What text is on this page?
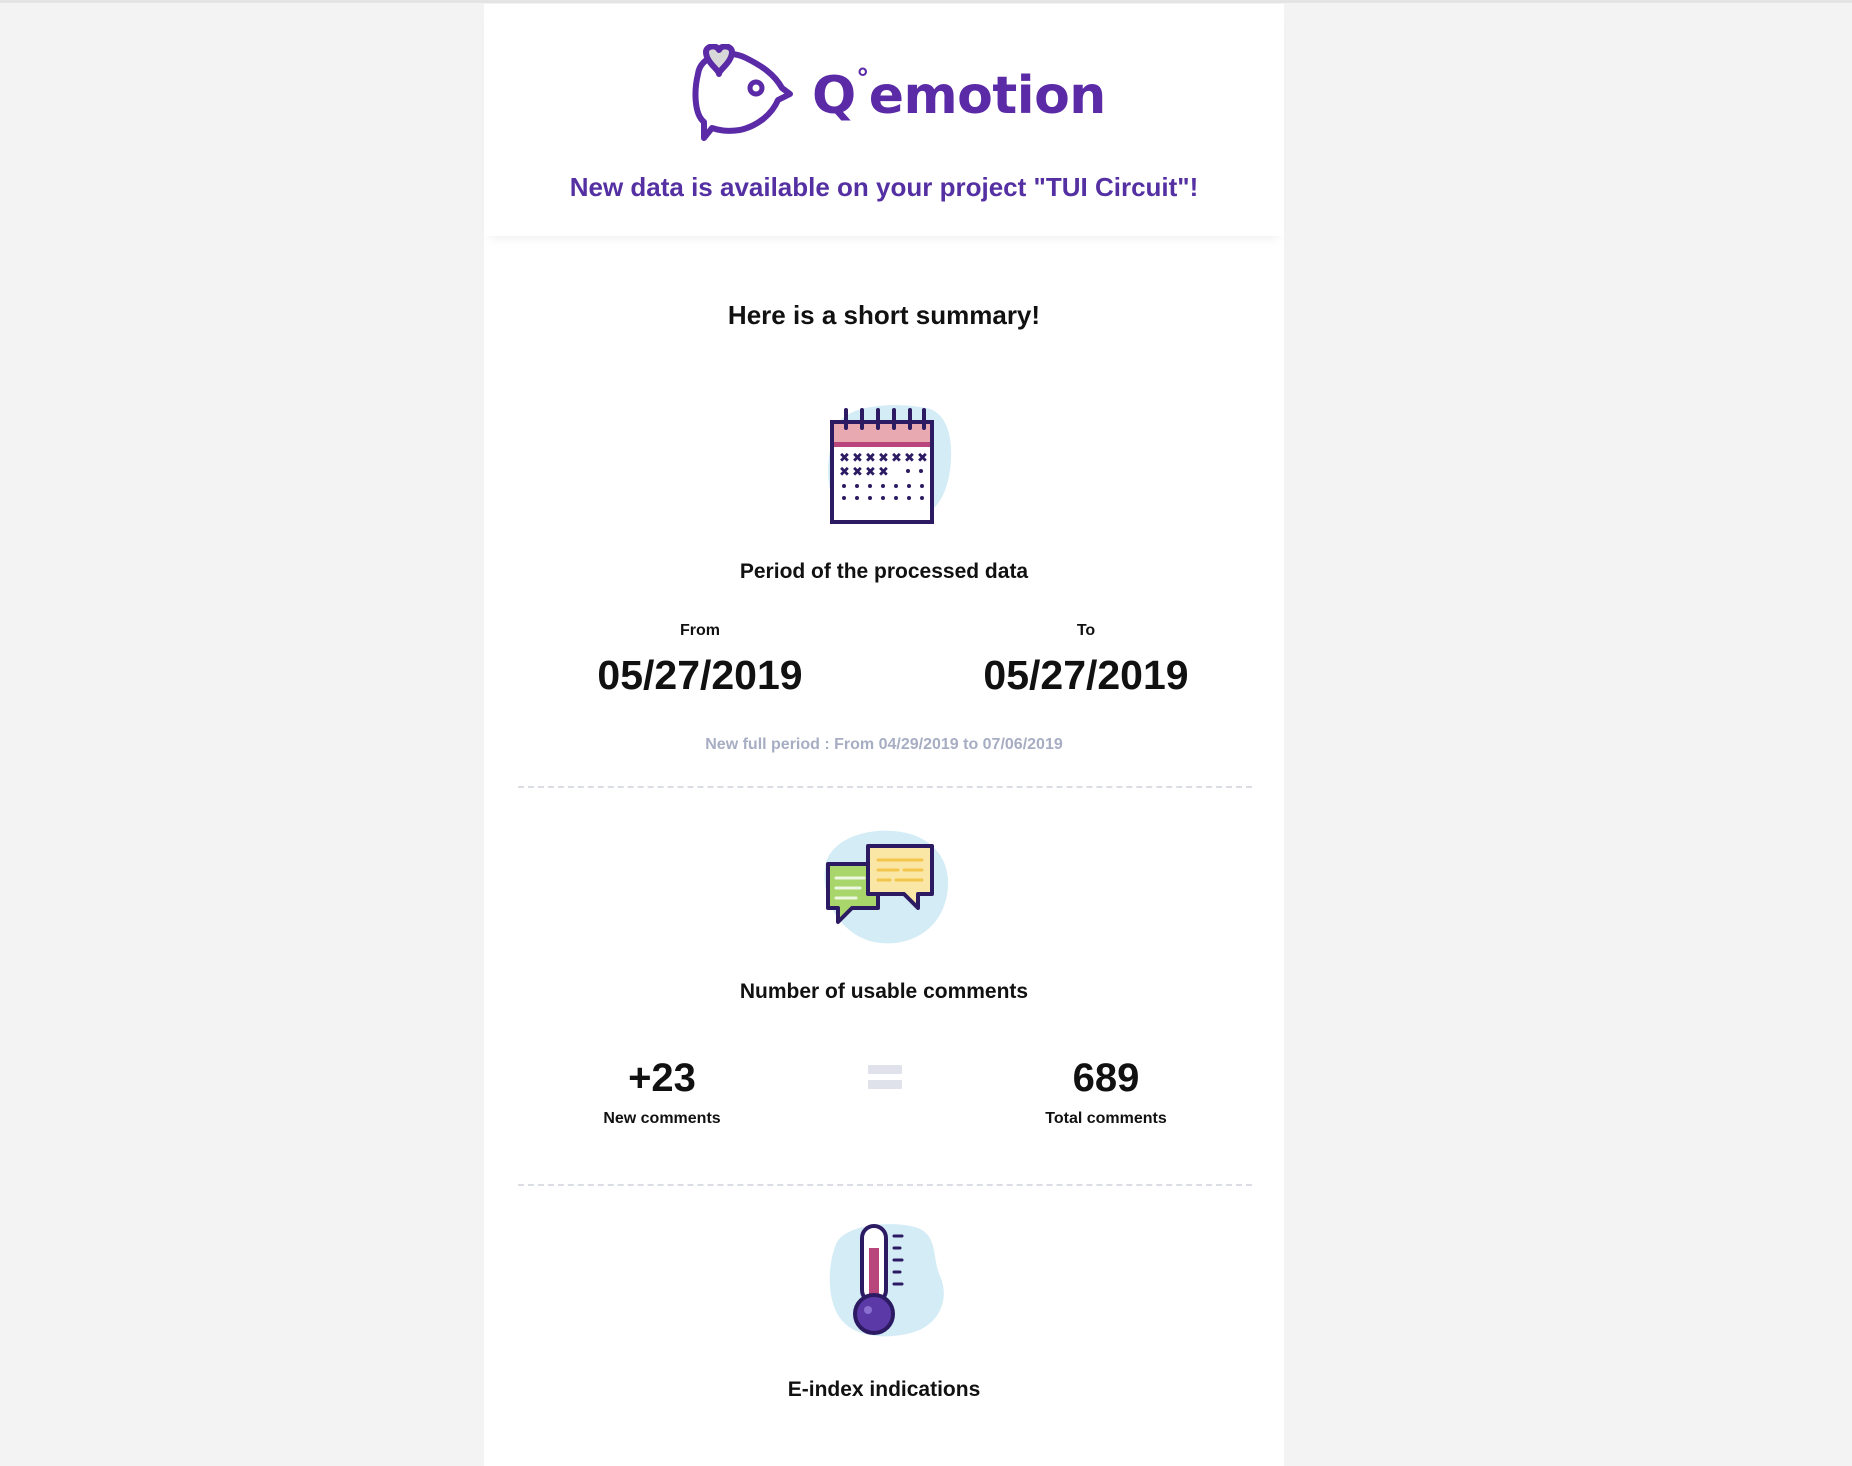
Q°emotion
New data is available on your project "TUI Circuit"!
Here is a short summary!
✖ ✖ ✖ ✖ ✖ ✖ ✖
✖ ✖ ✖ ✖
Period of the processed data
From
05/27/2019
To
05/27/2019
New full period : From 04/29/2019 to 07/06/2019
Number of usable comments
+23
New comments
689
Total comments
E-index indications
